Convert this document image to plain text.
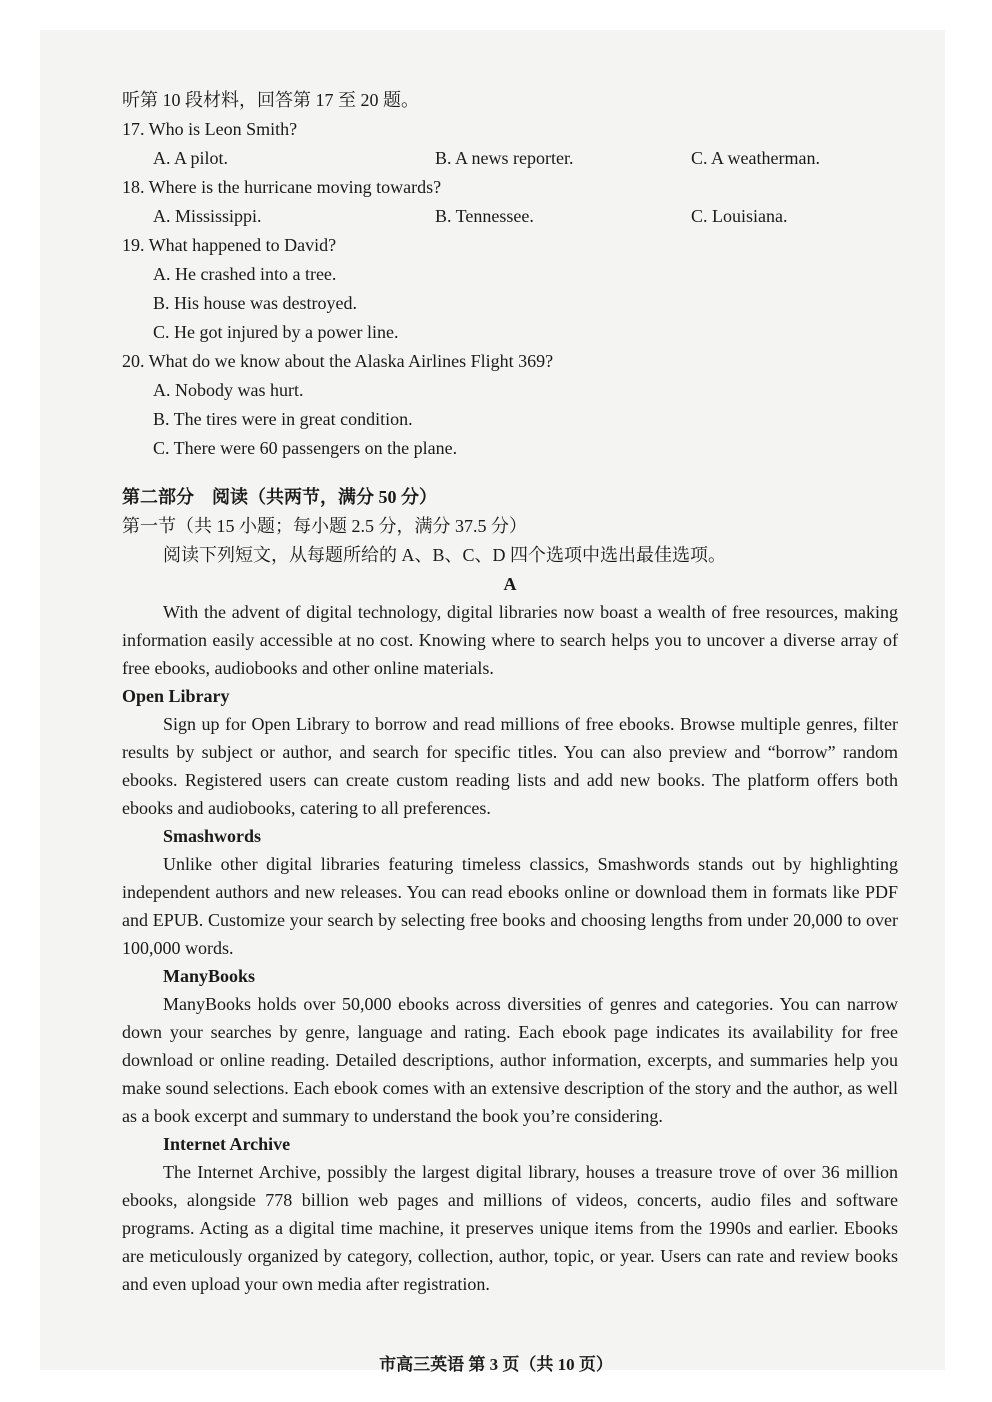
听第 10 段材料，回答第 17 至 20 题。
17. Who is Leon Smith?
A. A pilot.	B. A news reporter.	C. A weatherman.
18. Where is the hurricane moving towards?
A. Mississippi.	B. Tennessee.	C. Louisiana.
19. What happened to David?
A. He crashed into a tree.
B. His house was destroyed.
C. He got injured by a power line.
20. What do we know about the Alaska Airlines Flight 369?
A. Nobody was hurt.
B. The tires were in great condition.
C. There were 60 passengers on the plane.
第二部分　阅读（共两节，满分 50 分）
第一节（共 15 小题；每小题 2.5 分，满分 37.5 分）
阅读下列短文，从每题所给的 A、B、C、D 四个选项中选出最佳选项。
A

With the advent of digital technology, digital libraries now boast a wealth of free resources, making information easily accessible at no cost. Knowing where to search helps you to uncover a diverse array of free ebooks, audiobooks and other online materials.

Open Library

Sign up for Open Library to borrow and read millions of free ebooks. Browse multiple genres, filter results by subject or author, and search for specific titles. You can also preview and “borrow” random ebooks. Registered users can create custom reading lists and add new books. The platform offers both ebooks and audiobooks, catering to all preferences.

Smashwords

Unlike other digital libraries featuring timeless classics, Smashwords stands out by highlighting independent authors and new releases. You can read ebooks online or download them in formats like PDF and EPUB. Customize your search by selecting free books and choosing lengths from under 20,000 to over 100,000 words.

ManyBooks

ManyBooks holds over 50,000 ebooks across diversities of genres and categories. You can narrow down your searches by genre, language and rating. Each ebook page indicates its availability for free download or online reading. Detailed descriptions, author information, excerpts, and summaries help you make sound selections. Each ebook comes with an extensive description of the story and the author, as well as a book excerpt and summary to understand the book you’re considering.

Internet Archive

The Internet Archive, possibly the largest digital library, houses a treasure trove of over 36 million ebooks, alongside 778 billion web pages and millions of videos, concerts, audio files and software programs. Acting as a digital time machine, it preserves unique items from the 1990s and earlier. Ebooks are meticulously organized by category, collection, author, topic, or year. Users can rate and review books and even upload your own media after registration.

市高三英语 第 3 页（共 10 页）
